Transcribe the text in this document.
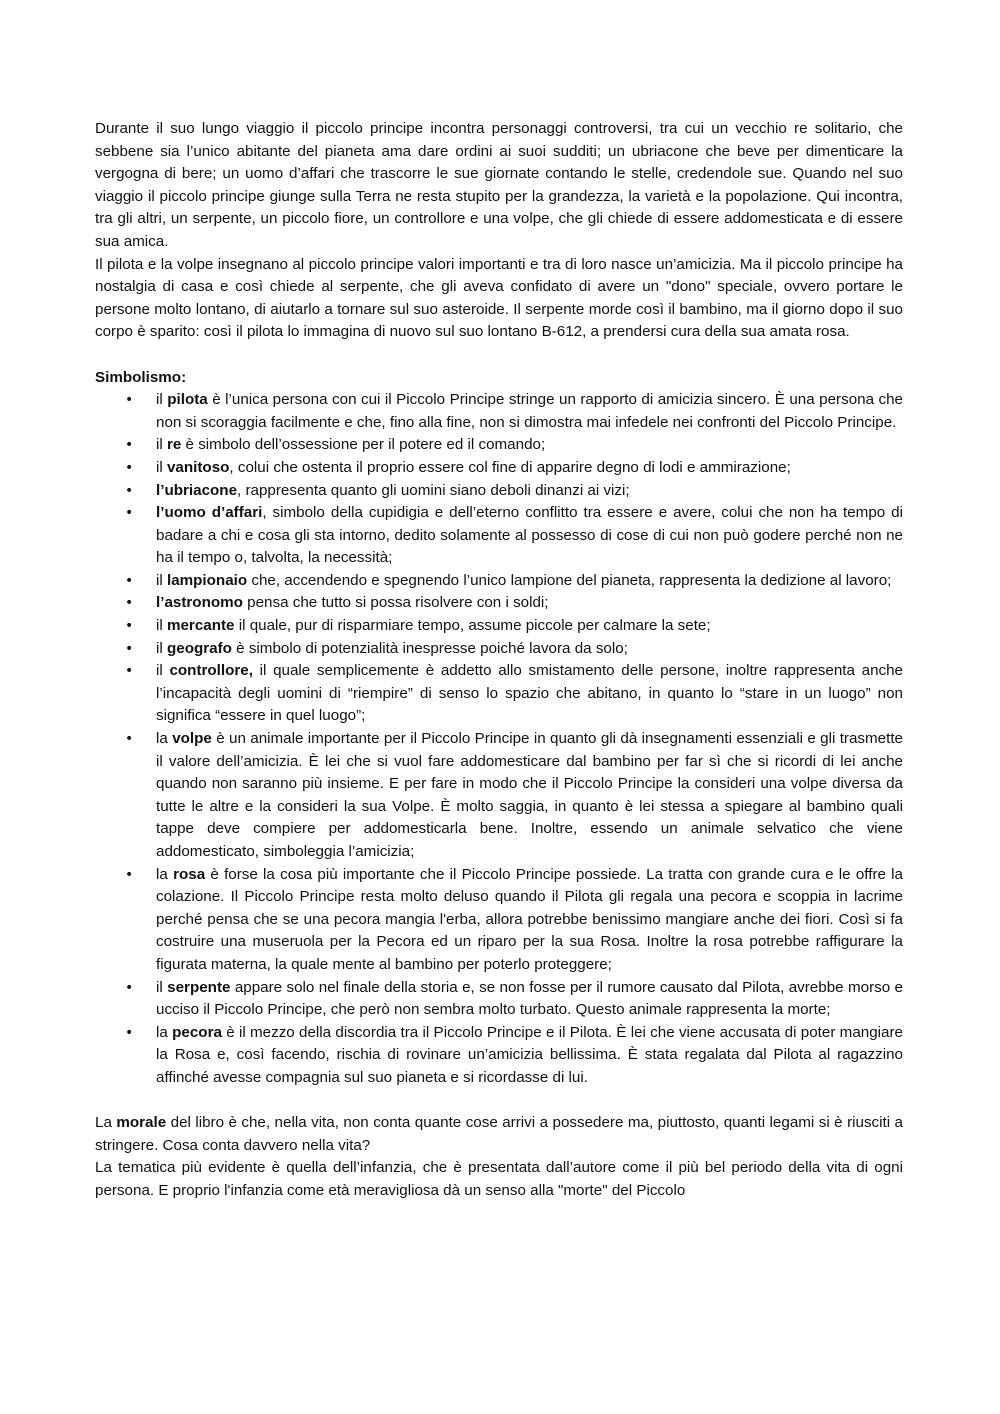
Durante il suo lungo viaggio il piccolo principe incontra personaggi controversi, tra cui un vecchio re solitario, che sebbene sia l’unico abitante del pianeta ama dare ordini ai suoi sudditi; un ubriacone che beve per dimenticare la vergogna di bere; un uomo d’affari che trascorre le sue giornate contando le stelle, credendole sue. Quando nel suo viaggio il piccolo principe giunge sulla Terra ne resta stupito per la grandezza, la varietà e la popolazione. Qui incontra, tra gli altri, un serpente, un piccolo fiore, un controllore e una volpe, che gli chiede di essere addomesticata e di essere sua amica.

Il pilota e la volpe insegnano al piccolo principe valori importanti e tra di loro nasce un’amicizia. Ma il piccolo principe ha nostalgia di casa e così chiede al serpente, che gli aveva confidato di avere un "dono" speciale, ovvero portare le persone molto lontano, di aiutarlo a tornare sul suo asteroide. Il serpente morde così il bambino, ma il giorno dopo il suo corpo è sparito: così il pilota lo immagina di nuovo sul suo lontano B-612, a prendersi cura della sua amata rosa.

Simbolismo:

• il pilota è l’unica persona con cui il Piccolo Principe stringe un rapporto di amicizia sincero. È una persona che non si scoraggia facilmente e che, fino alla fine, non si dimostra mai infedele nei confronti del Piccolo Principe.
• il re è simbolo dell’ossessione per il potere ed il comando;
• il vanitoso, colui che ostenta il proprio essere col fine di apparire degno di lodi e ammirazione;
• l’ubriacone, rappresenta quanto gli uomini siano deboli dinanzi ai vizi;
• l’uomo d’affari, simbolo della cupidigia e dell’eterno conflitto tra essere e avere, colui che non ha tempo di badare a chi e cosa gli sta intorno, dedito solamente al possesso di cose di cui non può godere perché non ne ha il tempo o, talvolta, la necessità;
• il lampionaio che, accendendo e spegnendo l’unico lampione del pianeta, rappresenta la dedizione al lavoro;
• l’astronomo pensa che tutto si possa risolvere con i soldi;
• il mercante il quale, pur di risparmiare tempo, assume piccole per calmare la sete;
• il geografo è simbolo di potenzialità inespresse poiché lavora da solo;
• il controllore, il quale semplicemente è addetto allo smistamento delle persone, inoltre rappresenta anche l’incapacità degli uomini di “riempire” di senso lo spazio che abitano, in quanto lo “stare in un luogo” non significa “essere in quel luogo”;
• la volpe è un animale importante per il Piccolo Principe in quanto gli dà insegnamenti essenziali e gli trasmette il valore dell’amicizia. È lei che si vuol fare addomesticare dal bambino per far sì che si ricordi di lei anche quando non saranno più insieme. E per fare in modo che il Piccolo Principe la consideri una volpe diversa da tutte le altre e la consideri la sua Volpe. È molto saggia, in quanto è lei stessa a spiegare al bambino quali tappe deve compiere per addomesticarla bene. Inoltre, essendo un animale selvatico che viene addomesticato, simboleggia l’amicizia;
• la rosa è forse la cosa più importante che il Piccolo Principe possiede. La tratta con grande cura e le offre la colazione. Il Piccolo Principe resta molto deluso quando il Pilota gli regala una pecora e scoppia in lacrime perché pensa che se una pecora mangia l'erba, allora potrebbe benissimo mangiare anche dei fiori. Così si fa costruire una museruola per la Pecora ed un riparo per la sua Rosa. Inoltre la rosa potrebbe raffigurare la figurata materna, la quale mente al bambino per poterlo proteggere;
• il serpente appare solo nel finale della storia e, se non fosse per il rumore causato dal Pilota, avrebbe morso e ucciso il Piccolo Principe, che però non sembra molto turbato. Questo animale rappresenta la morte;
• la pecora è il mezzo della discordia tra il Piccolo Principe e il Pilota. È lei che viene accusata di poter mangiare la Rosa e, così facendo, rischia di rovinare un’amicizia bellissima. È stata regalata dal Pilota al ragazzino affinché avesse compagnia sul suo pianeta e si ricordasse di lui.

La morale del libro è che, nella vita, non conta quante cose arrivi a possedere ma, piuttosto, quanti legami si è riusciti a stringere. Cosa conta davvero nella vita?

La tematica più evidente è quella dell’infanzia, che è presentata dall’autore come il più bel periodo della vita di ogni persona. E proprio l'infanzia come età meravigliosa dà un senso alla "morte" del Piccolo
